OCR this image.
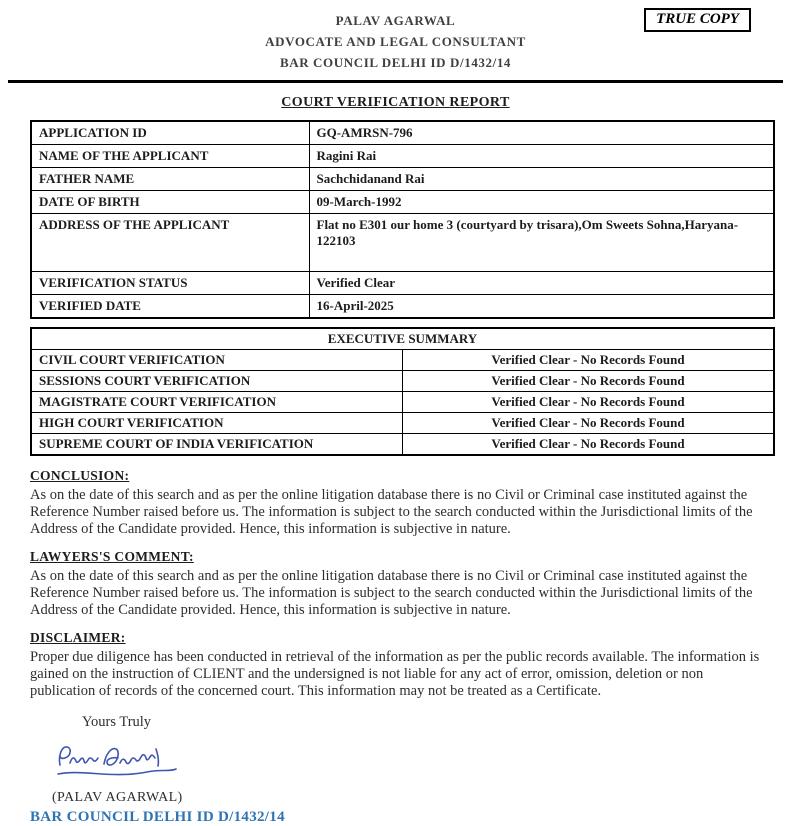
PALAV AGARWAL
ADVOCATE AND LEGAL CONSULTANT
BAR COUNCIL DELHI ID D/1432/14
TRUE COPY
COURT VERIFICATION REPORT
APPLICATION ID	GQ-AMRSN-796
NAME OF THE APPLICANT	Ragini Rai
FATHER NAME	Sachchidanand Rai
DATE OF BIRTH	09-March-1992
ADDRESS OF THE APPLICANT	Flat no E301 our home 3 (courtyard by trisara),Om Sweets Sohna,Haryana-122103
VERIFICATION STATUS	Verified Clear
VERIFIED DATE	16-April-2025
EXECUTIVE SUMMARY	
CIVIL COURT VERIFICATION	Verified Clear - No Records Found
SESSIONS COURT VERIFICATION	Verified Clear - No Records Found
MAGISTRATE COURT VERIFICATION	Verified Clear - No Records Found
HIGH COURT VERIFICATION	Verified Clear - No Records Found
SUPREME COURT OF INDIA VERIFICATION	Verified Clear - No Records Found
CONCLUSION:
As on the date of this search and as per the online litigation database there is no Civil or Criminal case instituted against the Reference Number raised before us. The information is subject to the search conducted within the Jurisdictional limits of the Address of the Candidate provided. Hence, this information is subjective in nature.
LAWYERS'S COMMENT:
As on the date of this search and as per the online litigation database there is no Civil or Criminal case instituted against the Reference Number raised before us. The information is subject to the search conducted within the Jurisdictional limits of the Address of the Candidate provided. Hence, this information is subjective in nature.
DISCLAIMER:
Proper due diligence has been conducted in retrieval of the information as per the public records available. The information is gained on the instruction of CLIENT and the undersigned is not liable for any act of error, omission, deletion or non publication of records of the concerned court. This information may not be treated as a Certificate.
Yours Truly
(PALAV AGARWAL)
BAR COUNCIL DELHI ID D/1432/14
